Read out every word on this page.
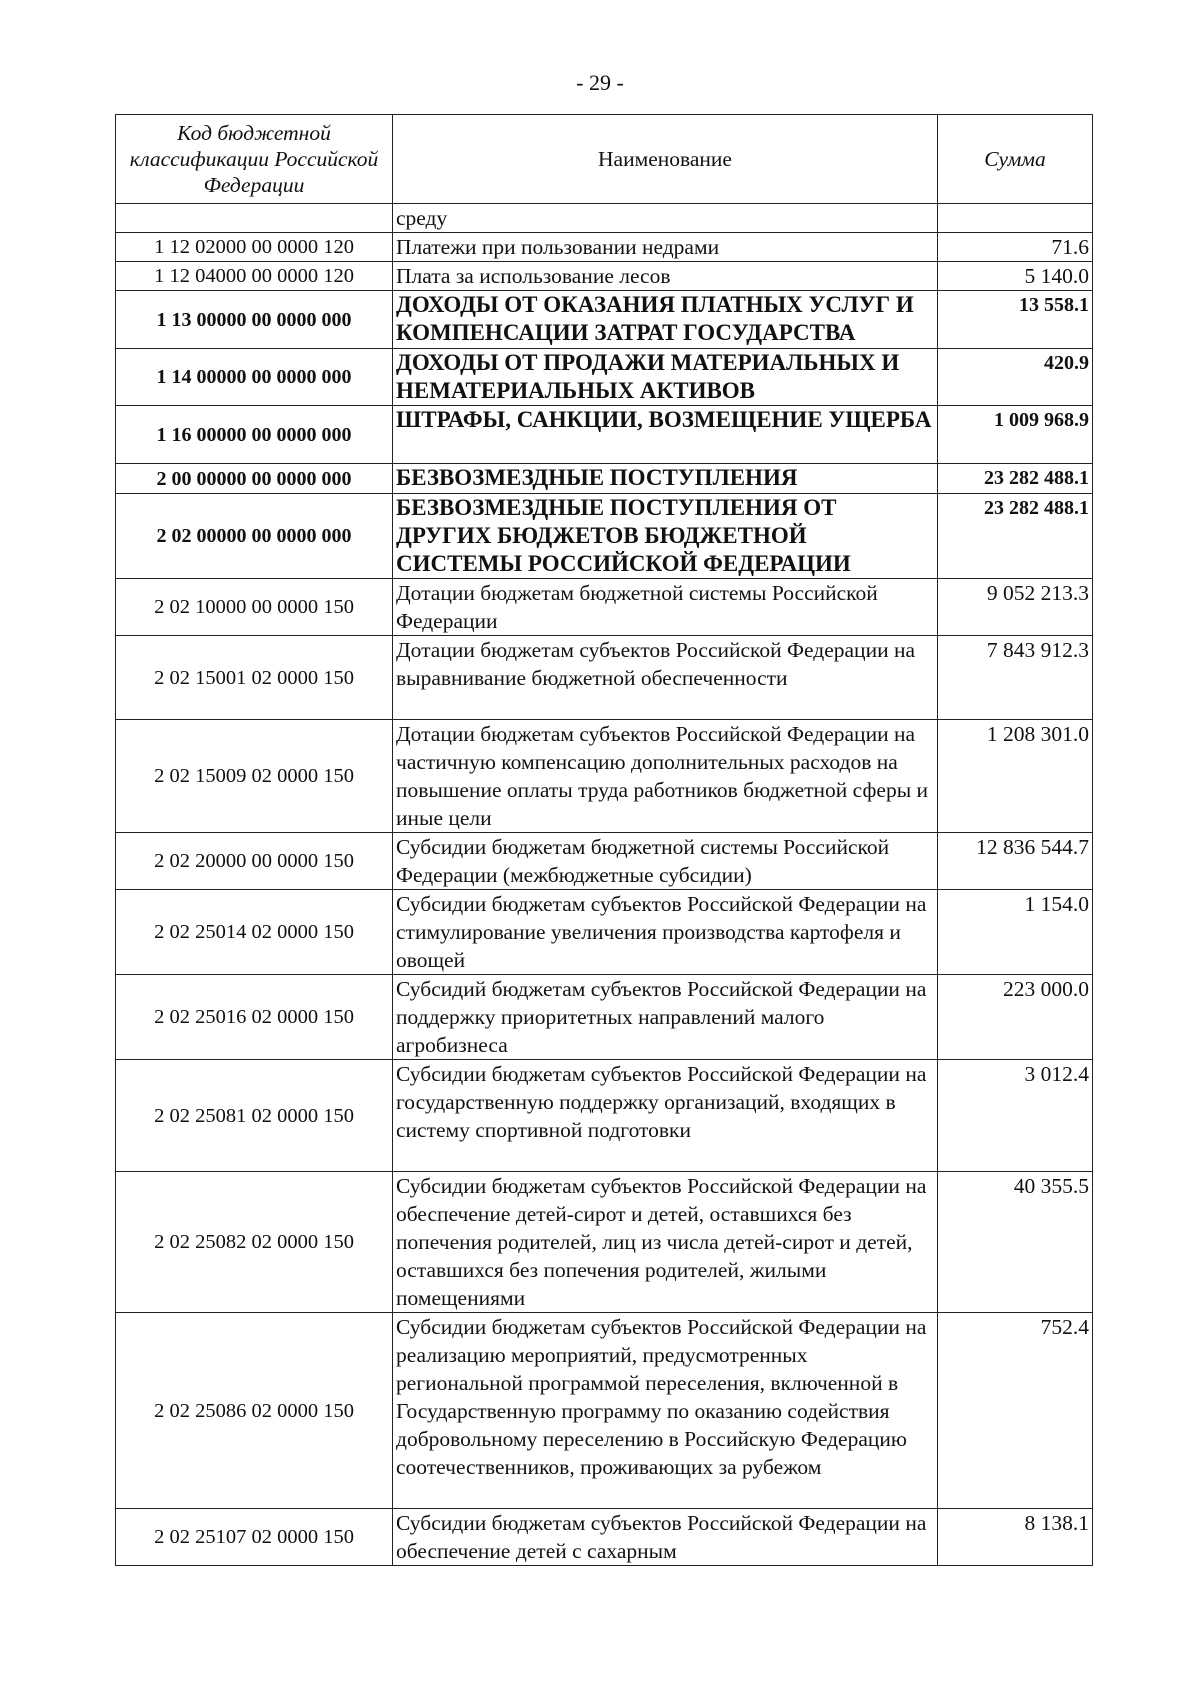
- 29 -
Код бюджетной классификации Российской Федерации	Наименование	Сумма
	среду	
1 12 02000 00 0000 120	Платежи при пользовании недрами	71.6
1 12 04000 00 0000 120	Плата за использование лесов	5 140.0
1 13 00000 00 0000 000	ДОХОДЫ ОТ ОКАЗАНИЯ ПЛАТНЫХ УСЛУГ И КОМПЕНСАЦИИ ЗАТРАТ ГОСУДАРСТВА	13 558.1
1 14 00000 00 0000 000	ДОХОДЫ ОТ ПРОДАЖИ МАТЕРИАЛЬНЫХ И НЕМАТЕРИАЛЬНЫХ АКТИВОВ	420.9
1 16 00000 00 0000 000	ШТРАФЫ, САНКЦИИ, ВОЗМЕЩЕНИЕ УЩЕРБА	1 009 968.9
2 00 00000 00 0000 000	БЕЗВОЗМЕЗДНЫЕ ПОСТУПЛЕНИЯ	23 282 488.1
2 02 00000 00 0000 000	БЕЗВОЗМЕЗДНЫЕ ПОСТУПЛЕНИЯ ОТ ДРУГИХ БЮДЖЕТОВ БЮДЖЕТНОЙ СИСТЕМЫ РОССИЙСКОЙ ФЕДЕРАЦИИ	23 282 488.1
2 02 10000 00 0000 150	Дотации бюджетам бюджетной системы Российской Федерации	9 052 213.3
2 02 15001 02 0000 150	Дотации бюджетам субъектов Российской Федерации на выравнивание бюджетной обеспеченности	7 843 912.3
2 02 15009 02 0000 150	Дотации бюджетам субъектов Российской Федерации на частичную компенсацию дополнительных расходов на повышение оплаты труда работников бюджетной сферы и иные цели	1 208 301.0
2 02 20000 00 0000 150	Субсидии бюджетам бюджетной системы Российской Федерации (межбюджетные субсидии)	12 836 544.7
2 02 25014 02 0000 150	Субсидии бюджетам субъектов Российской Федерации на стимулирование увеличения производства картофеля и овощей	1 154.0
2 02 25016 02 0000 150	Субсидий бюджетам субъектов Российской Федерации на поддержку приоритетных направлений малого агробизнеса	223 000.0
2 02 25081 02 0000 150	Субсидии бюджетам субъектов Российской Федерации на государственную поддержку организаций, входящих в систему спортивной подготовки	3 012.4
2 02 25082 02 0000 150	Субсидии бюджетам субъектов Российской Федерации на обеспечение детей-сирот и детей, оставшихся без попечения родителей, лиц из числа детей-сирот и детей, оставшихся без попечения родителей, жилыми помещениями	40 355.5
2 02 25086 02 0000 150	Субсидии бюджетам субъектов Российской Федерации на реализацию мероприятий, предусмотренных региональной программой переселения, включенной в Государственную программу по оказанию содействия добровольному переселению в Российскую Федерацию соотечественников, проживающих за рубежом	752.4
2 02 25107 02 0000 150	Субсидии бюджетам субъектов Российской Федерации на обеспечение детей с сахарным	8 138.1
